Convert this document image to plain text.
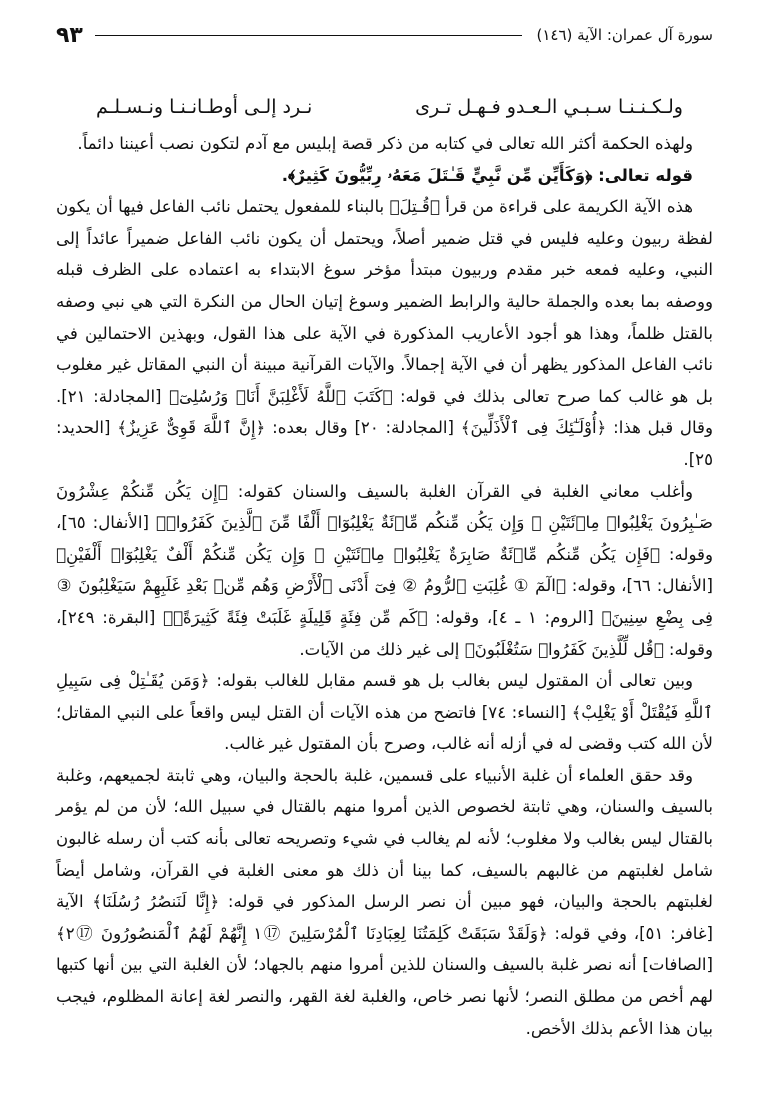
سورة آل عمران: الآية (١٤٦)
٩٣
ولـكـنـنـا سـبـي الـعـدو فـهـل تـرى
نـرد إلـى أوطـانـنـا ونـسـلـم

ولهذه الحكمة أكثر الله تعالى في كتابه من ذكر قصة إبليس مع آدم لتكون نصب أعيننا دائماً.

قوله تعالى: ﴿وَكَأَيِّن مِّن نَّبِيٍّ قَـٰتَلَ مَعَهُۥ رِبِّيُّونَ كَثِيرٌ﴾.

هذه الآية الكريمة على قراءة من قرأ ﴿قُـتِلَ﴾ بالبناء للمفعول يحتمل نائب الفاعل فيها أن يكون لفظة ربيون وعليه فليس في قتل ضمير أصلاً، ويحتمل أن يكون نائب الفاعل ضميراً عائداً إلى النبي، وعليه فمعه خبر مقدم وربيون مبتدأ مؤخر سوغ الابتداء به اعتماده على الظرف قبله ووصفه بما بعده والجملة حالية والرابط الضمير وسوغ إتيان الحال من النكرة التي هي نبي وصفه بالقتل ظلماً، وهذا هو أجود الأعاريب المذكورة في الآية على هذا القول، وبهذين الاحتمالين في نائب الفاعل المذكور يظهر أن في الآية إجمالاً. والآيات القرآنية مبينة أن النبي المقاتل غير مغلوب بل هو غالب كما صرح تعالى بذلك في قوله: ﴿كَتَبَ ٱللَّهُ لَأَغْلِبَنَّ أَنَا۠ وَرُسُلِىٓ﴾ [المجادلة: ٢١]. وقال قبل هذا: ﴿أُوْلَـٰٓئِكَ فِى ٱلْأَذَلِّينَ﴾ [المجادلة: ٢٠] وقال بعده: ﴿إِنَّ ٱللَّهَ قَوِىٌّ عَزِيزٌ﴾ [الحديد: ٢٥].

وأغلب معاني الغلبة في القرآن الغلبة بالسيف والسنان كقوله: ﴿إِن يَكُن مِّنكُمْ عِشْرُونَ صَـٰبِرُونَ يَغْلِبُوا۟ مِا۟ئَتَيْنِ ۚ وَإِن يَكُن مِّنكُم مِّا۟ئَةٌ يَغْلِبُوٓا۟ أَلْفًا مِّنَ ٱلَّذِينَ كَفَرُوا۟﴾ [الأنفال: ٦٥]، وقوله: ﴿فَإِن يَكُن مِّنكُم مِّا۟ئَةٌ صَابِرَةٌ يَغْلِبُوا۟ مِا۟ئَتَيْنِ ۚ وَإِن يَكُن مِّنكُمْ أَلْفٌ يَغْلِبُوٓا۟ أَلْفَيْنِ﴾ [الأنفال: ٦٦]، وقوله: ﴿الٓمٓ ① غُلِبَتِ ٱلرُّومُ ② فِىٓ أَدْنَى ٱلْأَرْضِ وَهُم مِّنۢ بَعْدِ غَلَبِهِمْ سَيَغْلِبُونَ ③ فِى بِضْعِ سِنِينَ﴾ [الروم: ١ ـ ٤]، وقوله: ﴿كَم مِّن فِئَةٍ قَلِيلَةٍ غَلَبَتْ فِئَةً كَثِيرَةًۢ﴾ [البقرة: ٢٤٩]، وقوله: ﴿قُل لِّلَّذِينَ كَفَرُوا۟ سَتُغْلَبُونَ﴾ إلى غير ذلك من الآيات.

وبين تعالى أن المقتول ليس بغالب بل هو قسم مقابل للغالب بقوله: ﴿وَمَن يُقَـٰتِلْ فِى سَبِيلِ ٱللَّهِ فَيُقْتَلْ أَوْ يَغْلِبْ﴾ [النساء: ٧٤] فاتضح من هذه الآيات أن القتل ليس واقعاً على النبي المقاتل؛ لأن الله كتب وقضى له في أزله أنه غالب، وصرح بأن المقتول غير غالب.

وقد حقق العلماء أن غلبة الأنبياء على قسمين، غلبة بالحجة والبيان، وهي ثابتة لجميعهم، وغلبة بالسيف والسنان، وهي ثابتة لخصوص الذين أمروا منهم بالقتال في سبيل الله؛ لأن من لم يؤمر بالقتال ليس بغالب ولا مغلوب؛ لأنه لم يغالب في شيء وتصريحه تعالى بأنه كتب أن رسله غالبون شامل لغلبتهم من غالبهم بالسيف، كما بينا أن ذلك هو معنى الغلبة في القرآن، وشامل أيضاً لغلبتهم بالحجة والبيان، فهو مبين أن نصر الرسل المذكور في قوله: ﴿إِنَّا لَنَنصُرُ رُسُلَنَا﴾ الآية [غافر: ٥١]، وفي قوله: ﴿وَلَقَدْ سَبَقَتْ كَلِمَتُنَا لِعِبَادِنَا ٱلْمُرْسَلِينَ ⑰١ إِنَّهُمْ لَهُمُ ٱلْمَنصُورُونَ ⑰٢﴾ [الصافات] أنه نصر غلبة بالسيف والسنان للذين أمروا منهم بالجهاد؛ لأن الغلبة التي بين أنها كتبها لهم أخص من مطلق النصر؛ لأنها نصر خاص، والغلبة لغة القهر، والنصر لغة إعانة المظلوم، فيجب بيان هذا الأعم بذلك الأخص.
